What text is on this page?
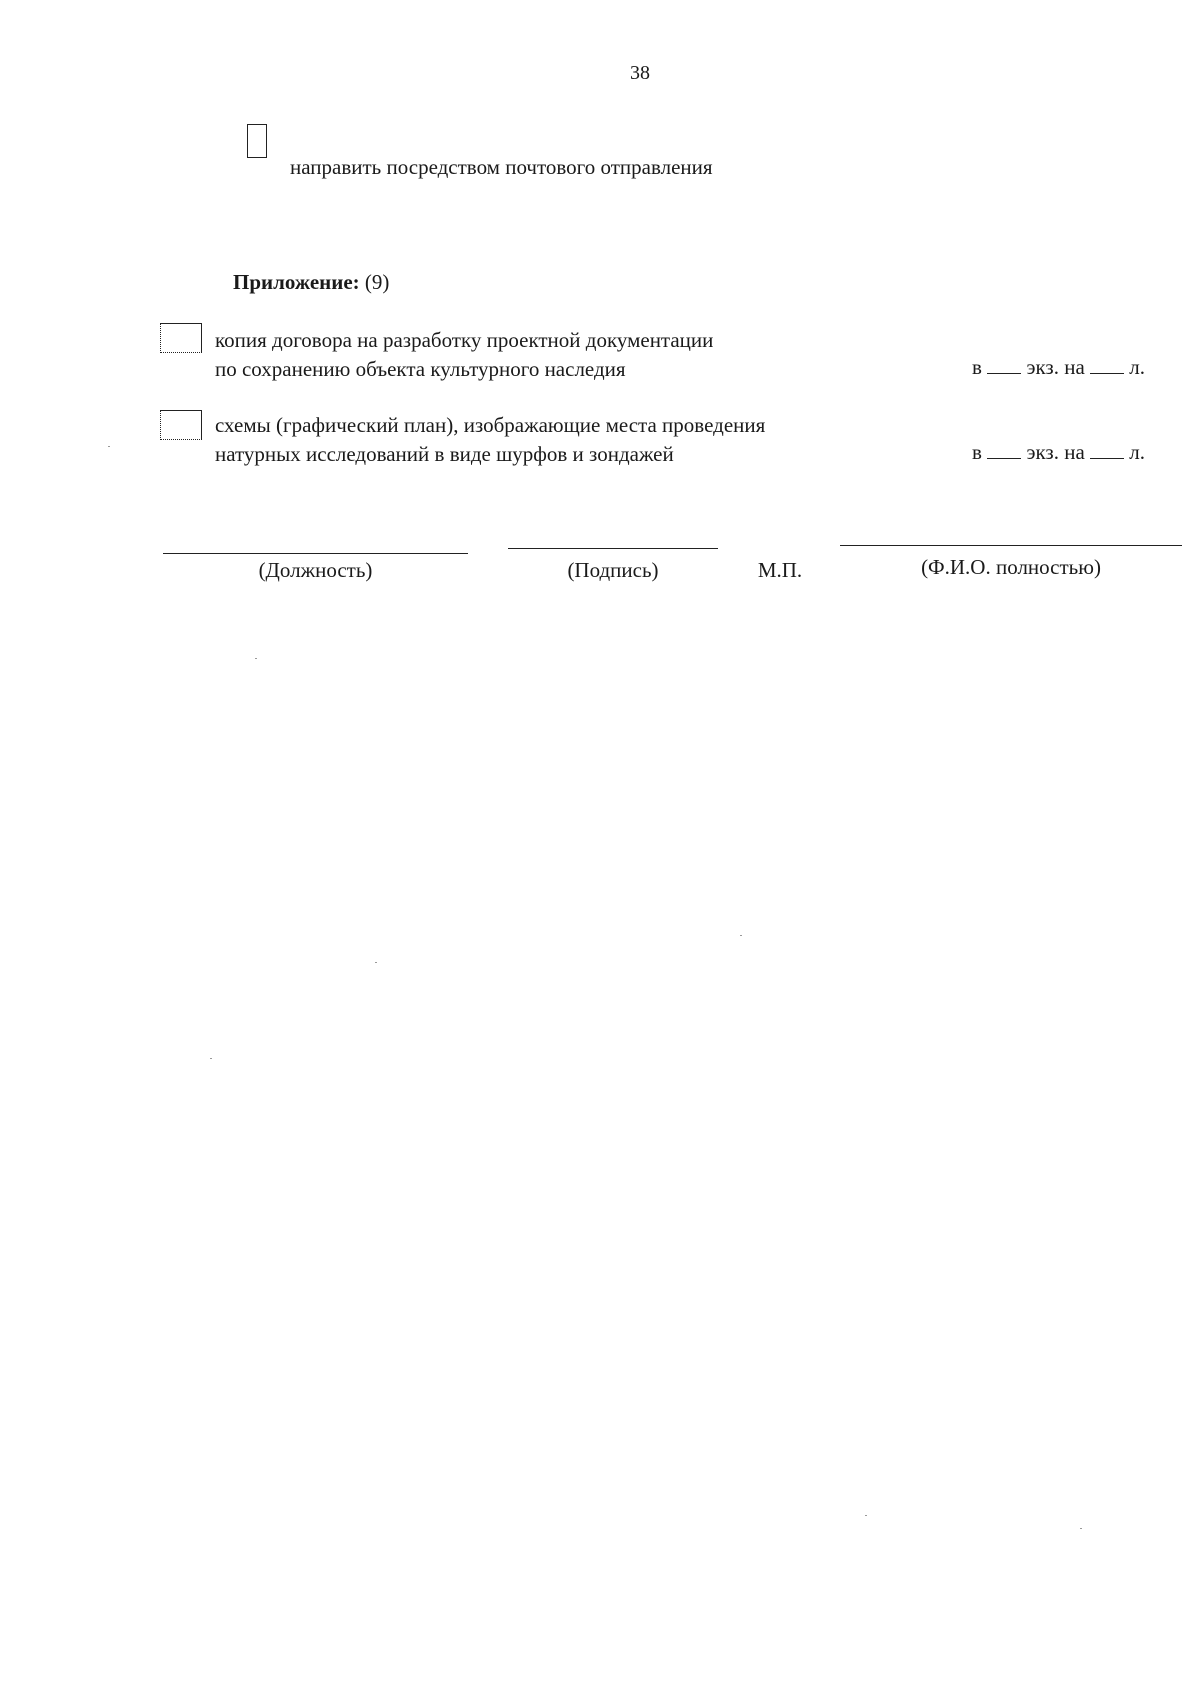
38
направить посредством почтового отправления
Приложение: (9)
копия договора на разработку проектной документации
по сохранению объекта культурного наследия	в экз. на л.
схемы (графический план), изображающие места проведения
натурных исследований в виде шурфов и зондажей	в экз. на л.
(Должность)	(Подпись)	М.П.	(Ф.И.О. полностью)
